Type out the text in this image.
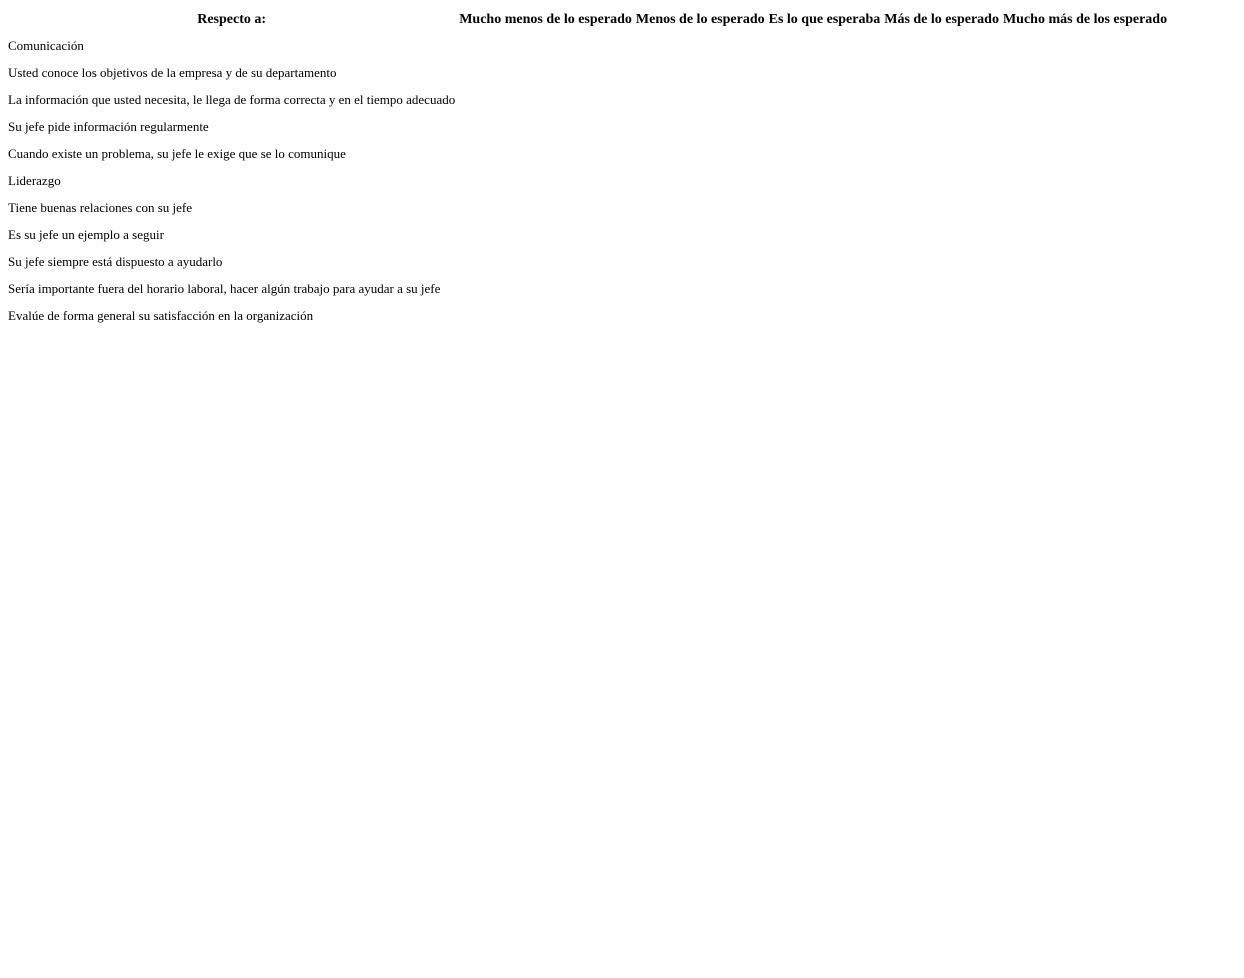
Respecto a:	Mucho menos de lo esperado	Menos de lo esperado	Es lo que esperaba	Más de lo esperado	Mucho más de los esperado
Comunicación					
Usted conoce los objetivos de la empresa y de su departamento					
La información que usted necesita, le llega de forma correcta y en el tiempo adecuado					
Su jefe pide información regularmente					
Cuando existe un problema, su jefe le exige que se lo comunique					
Liderazgo					
Tiene buenas relaciones con su jefe					
Es su jefe un ejemplo a seguir					
Su jefe siempre está dispuesto a ayudarlo					
Sería importante fuera del horario laboral, hacer algún trabajo para ayudar a su jefe					
Evalúe de forma general su satisfacción en la organización					
